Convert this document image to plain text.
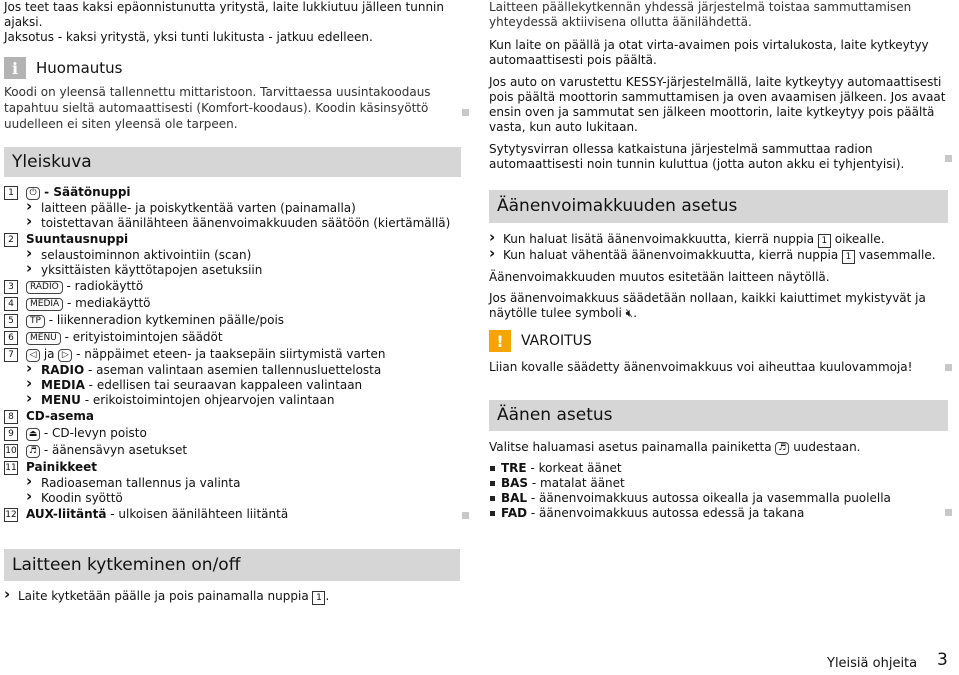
Jos teet taas kaksi epäonnistunutta yritystä, laite lukkiutuu jälleen tunnin ajaksi.

Jaksotus - kaksi yritystä, yksi tunti lukitusta - jatkuu edelleen.

i	Huomautus

Koodi on yleensä tallennettu mittaristoon. Tarvittaessa uusintakoodaus tapahtuu sieltä automaattisesti (Komfort-koodaus). Koodin käsinsyöttö uudelleen ei siten yleensä ole tarpeen.

Yleiskuva
1	⏻ - Säätönuppi
› laitteen päälle- ja poiskytkentää varten (painamalla)
› toistettavan äänilähteen äänenvoimakkuuden säätöön (kiertämällä)
2	Suuntausnuppi
› selaustoiminnon aktivointiin (scan)
› yksittäisten käyttötapojen asetuksiin
3	RADIO - radiokäyttö
4	MEDIA - mediakäyttö
5	TP - liikenneradion kytkeminen päälle/pois
6	MENU - erityistoimintojen säädöt
7	◁ ja ▷ - näppäimet eteen- ja taaksepäin siirtymistä varten
› RADIO - aseman valintaan asemien tallennusluettelosta
› MEDIA - edellisen tai seuraavan kappaleen valintaan
› MENU - erikoistoimintojen ohjearvojen valintaan
8	CD-asema
9	⏏ - CD-levyn poisto
10 ♬ - äänensävyn asetukset
11 Painikkeet
› Radioaseman tallennus ja valinta
› Koodin syöttö
12 AUX-liitäntä - ulkoisen äänilähteen liitäntä
Laitteen kytkeminen on/off
› Laite kytketään päälle ja pois painamalla nuppia 1 .

Laitteen päällekytkennän yhdessä järjestelmä toistaa sammuttamisen yhteydessä aktiivisena ollutta äänilähdettä.

Kun laite on päällä ja otat virta-avaimen pois virtalukosta, laite kytkeytyy automaattisesti pois päältä.

Jos auto on varustettu KESSY-järjestelmällä, laite kytkeytyy automaattisesti pois päältä moottorin sammuttamisen ja oven avaamisen jälkeen. Jos avaat ensin oven ja sammutat sen jälkeen moottorin, laite kytkeytyy pois päältä vasta, kun auto lukitaan.

Sytytysvirran ollessa katkaistuna järjestelmä sammuttaa radion automaattisesti noin tunnin kuluttua (jotta auton akku ei tyhjentyisi).

Äänenvoimakkuuden asetus
› Kun haluat lisätä äänenvoimakkuutta, kierrä nuppia 1 oikealle.
› Kun haluat vähentää äänenvoimakkuutta, kierrä nuppia 1 vasemmalle.

Äänenvoimakkuuden muutos esitetään laitteen näytöllä.

Jos äänenvoimakkuus säädetään nollaan, kaikki kaiuttimet mykistyvät ja näytölle tulee symboli 🔇︎.

!	VAROITUS

Liian kovalle säädetty äänenvoimakkuus voi aiheuttaa kuulovammoja!

Äänen asetus

Valitse haluamasi asetus painamalla painiketta ♬ uudestaan.

TRE - korkeat äänet
BAS - matalat äänet
BAL - äänenvoimakkuus autossa oikealla ja vasemmalla puolella
FAD - äänenvoimakkuus autossa edessä ja takana
Yleisiä ohjeita 3
